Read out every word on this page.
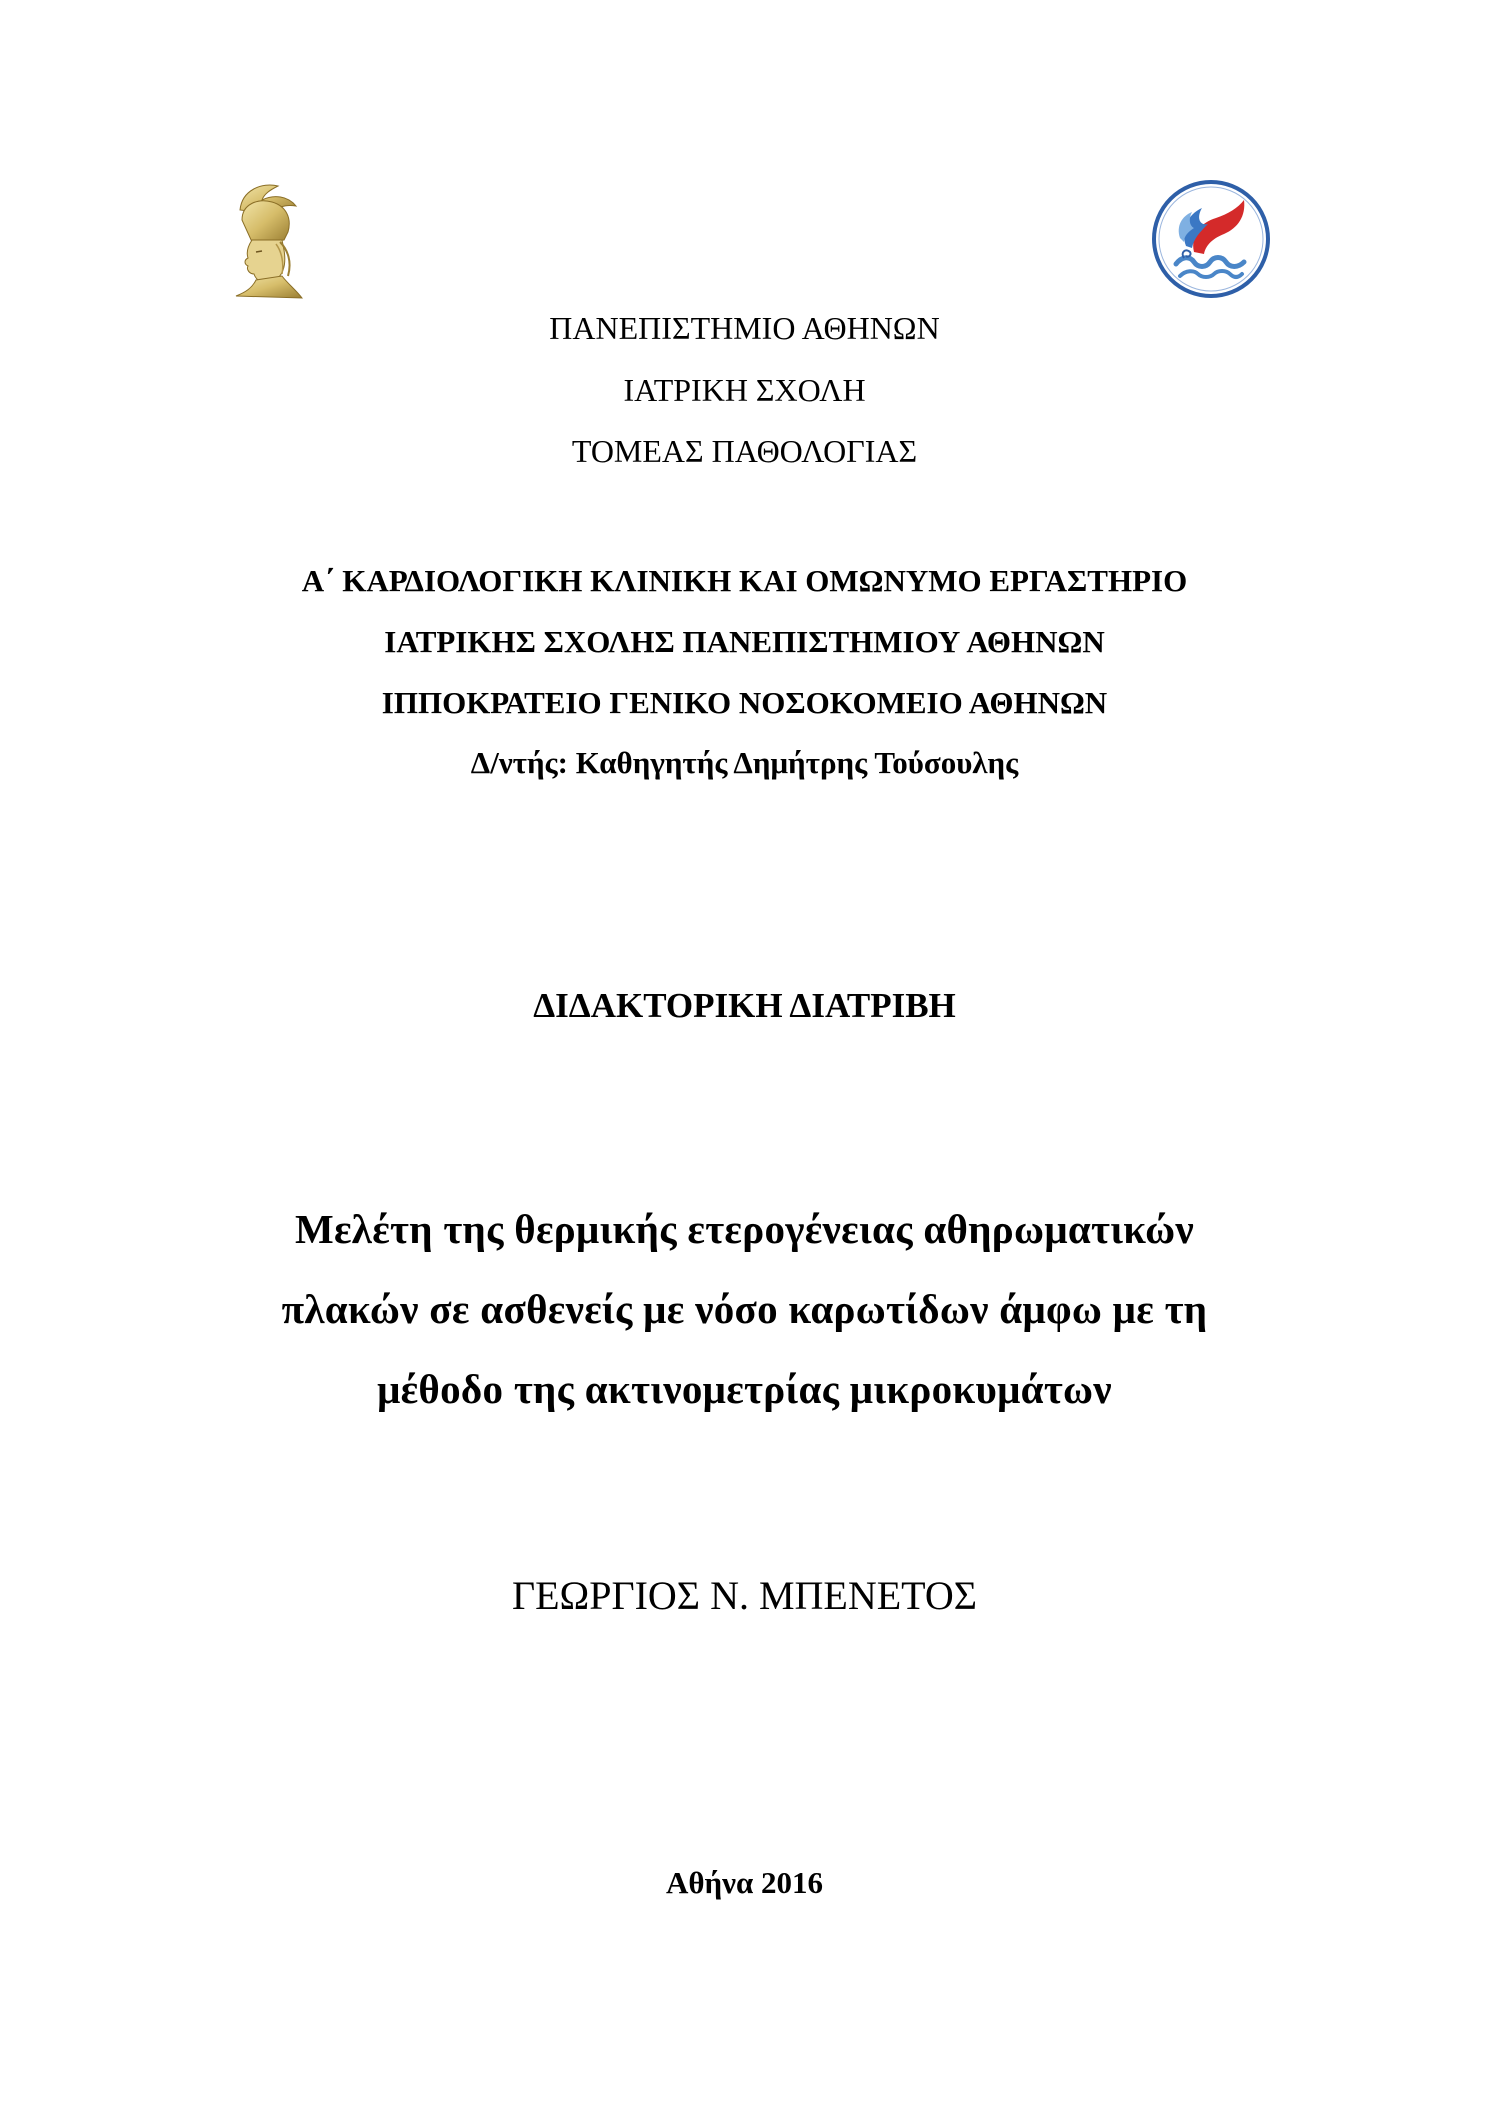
ΠΑΝΕΠΙΣΤΗΜΙΟ ΑΘΗΝΩΝ
ΙΑΤΡΙΚΗ ΣΧΟΛΗ
ΤΟΜΕΑΣ ΠΑΘΟΛΟΓΙΑΣ
Α΄ ΚΑΡΔΙΟΛΟΓΙΚΗ ΚΛΙΝΙΚΗ ΚΑΙ ΟΜΩΝΥΜΟ ΕΡΓΑΣΤΗΡΙΟ
ΙΑΤΡΙΚΗΣ ΣΧΟΛΗΣ ΠΑΝΕΠΙΣΤΗΜΙΟΥ ΑΘΗΝΩΝ
ΙΠΠΟΚΡΑΤΕΙΟ ΓΕΝΙΚΟ ΝΟΣΟΚΟΜΕΙΟ ΑΘΗΝΩΝ
Δ/ντής: Καθηγητής Δημήτρης Τούσουλης
ΔΙΔΑΚΤΟΡΙΚΗ ΔΙΑΤΡΙΒΗ
Μελέτη της θερμικής ετερογένειας αθηρωματικών
πλακών σε ασθενείς με νόσο καρωτίδων άμφω με τη
μέθοδο της ακτινομετρίας μικροκυμάτων
ΓΕΩΡΓΙΟΣ Ν. ΜΠΕΝΕΤΟΣ
Αθήνα 2016
